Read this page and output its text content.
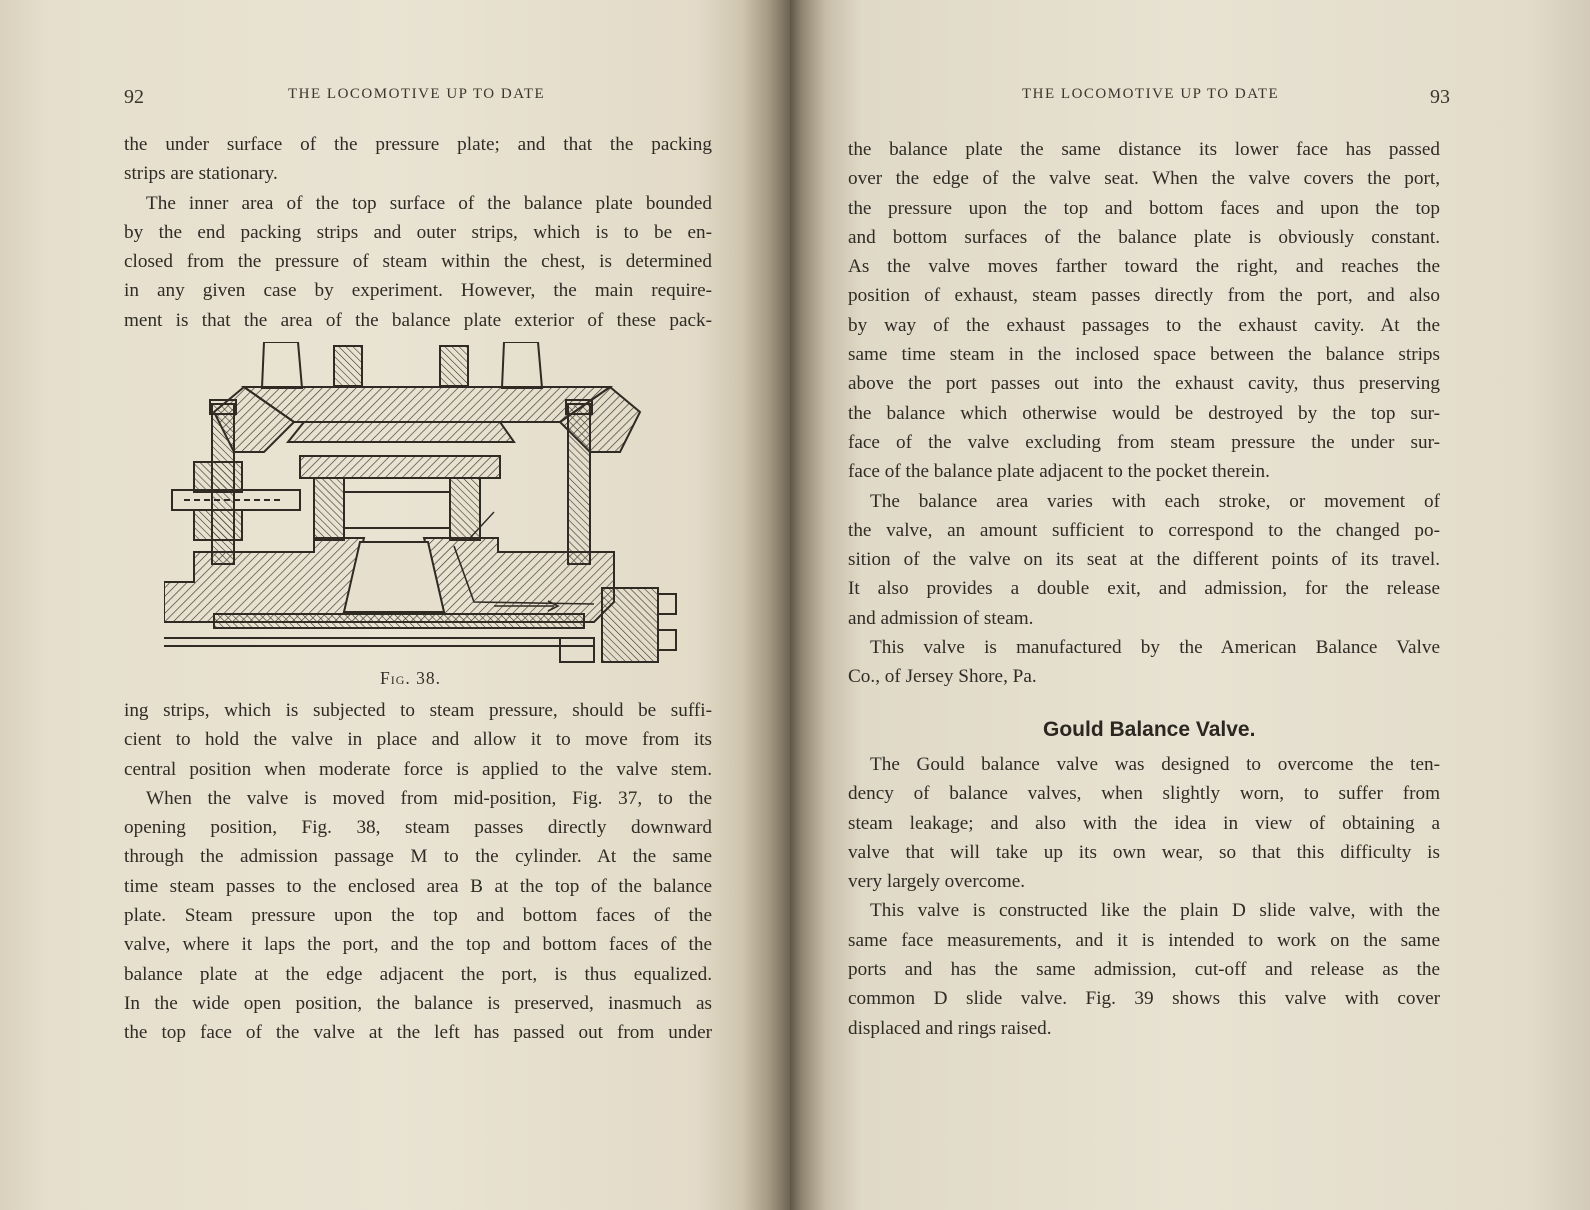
92	THE LOCOMOTIVE UP TO DATE

the under surface of the pressure plate; and that the packing

strips are stationary.

The inner area of the top surface of the balance plate bounded

by the end packing strips and outer strips, which is to be en-

closed from the pressure of steam within the chest, is determined

in any given case by experiment. However, the main require-

ment is that the area of the balance plate exterior of these pack-

Fig. 38.

ing strips, which is subjected to steam pressure, should be suffi-

cient to hold the valve in place and allow it to move from its

central position when moderate force is applied to the valve stem.

When the valve is moved from mid-position, Fig. 37, to the

opening position, Fig. 38, steam passes directly downward

through the admission passage M to the cylinder. At the same

time steam passes to the enclosed area B at the top of the balance

plate. Steam pressure upon the top and bottom faces of the

valve, where it laps the port, and the top and bottom faces of the

balance plate at the edge adjacent the port, is thus equalized.

In the wide open position, the balance is preserved, inasmuch as

the top face of the valve at the left has passed out from under

THE LOCOMOTIVE UP TO DATE	93

the balance plate the same distance its lower face has passed

over the edge of the valve seat. When the valve covers the port,

the pressure upon the top and bottom faces and upon the top

and bottom surfaces of the balance plate is obviously constant.

As the valve moves farther toward the right, and reaches the

position of exhaust, steam passes directly from the port, and also

by way of the exhaust passages to the exhaust cavity. At the

same time steam in the inclosed space between the balance strips

above the port passes out into the exhaust cavity, thus preserving

the balance which otherwise would be destroyed by the top sur-

face of the valve excluding from steam pressure the under sur-

face of the balance plate adjacent to the pocket therein.

The balance area varies with each stroke, or movement of

the valve, an amount sufficient to correspond to the changed po-

sition of the valve on its seat at the different points of its travel.

It also provides a double exit, and admission, for the release

and admission of steam.

This valve is manufactured by the American Balance Valve

Co., of Jersey Shore, Pa.

Gould Balance Valve.

The Gould balance valve was designed to overcome the ten-

dency of balance valves, when slightly worn, to suffer from

steam leakage; and also with the idea in view of obtaining a

valve that will take up its own wear, so that this difficulty is

very largely overcome.

This valve is constructed like the plain D slide valve, with the

same face measurements, and it is intended to work on the same

ports and has the same admission, cut-off and release as the

common D slide valve. Fig. 39 shows this valve with cover

displaced and rings raised.
